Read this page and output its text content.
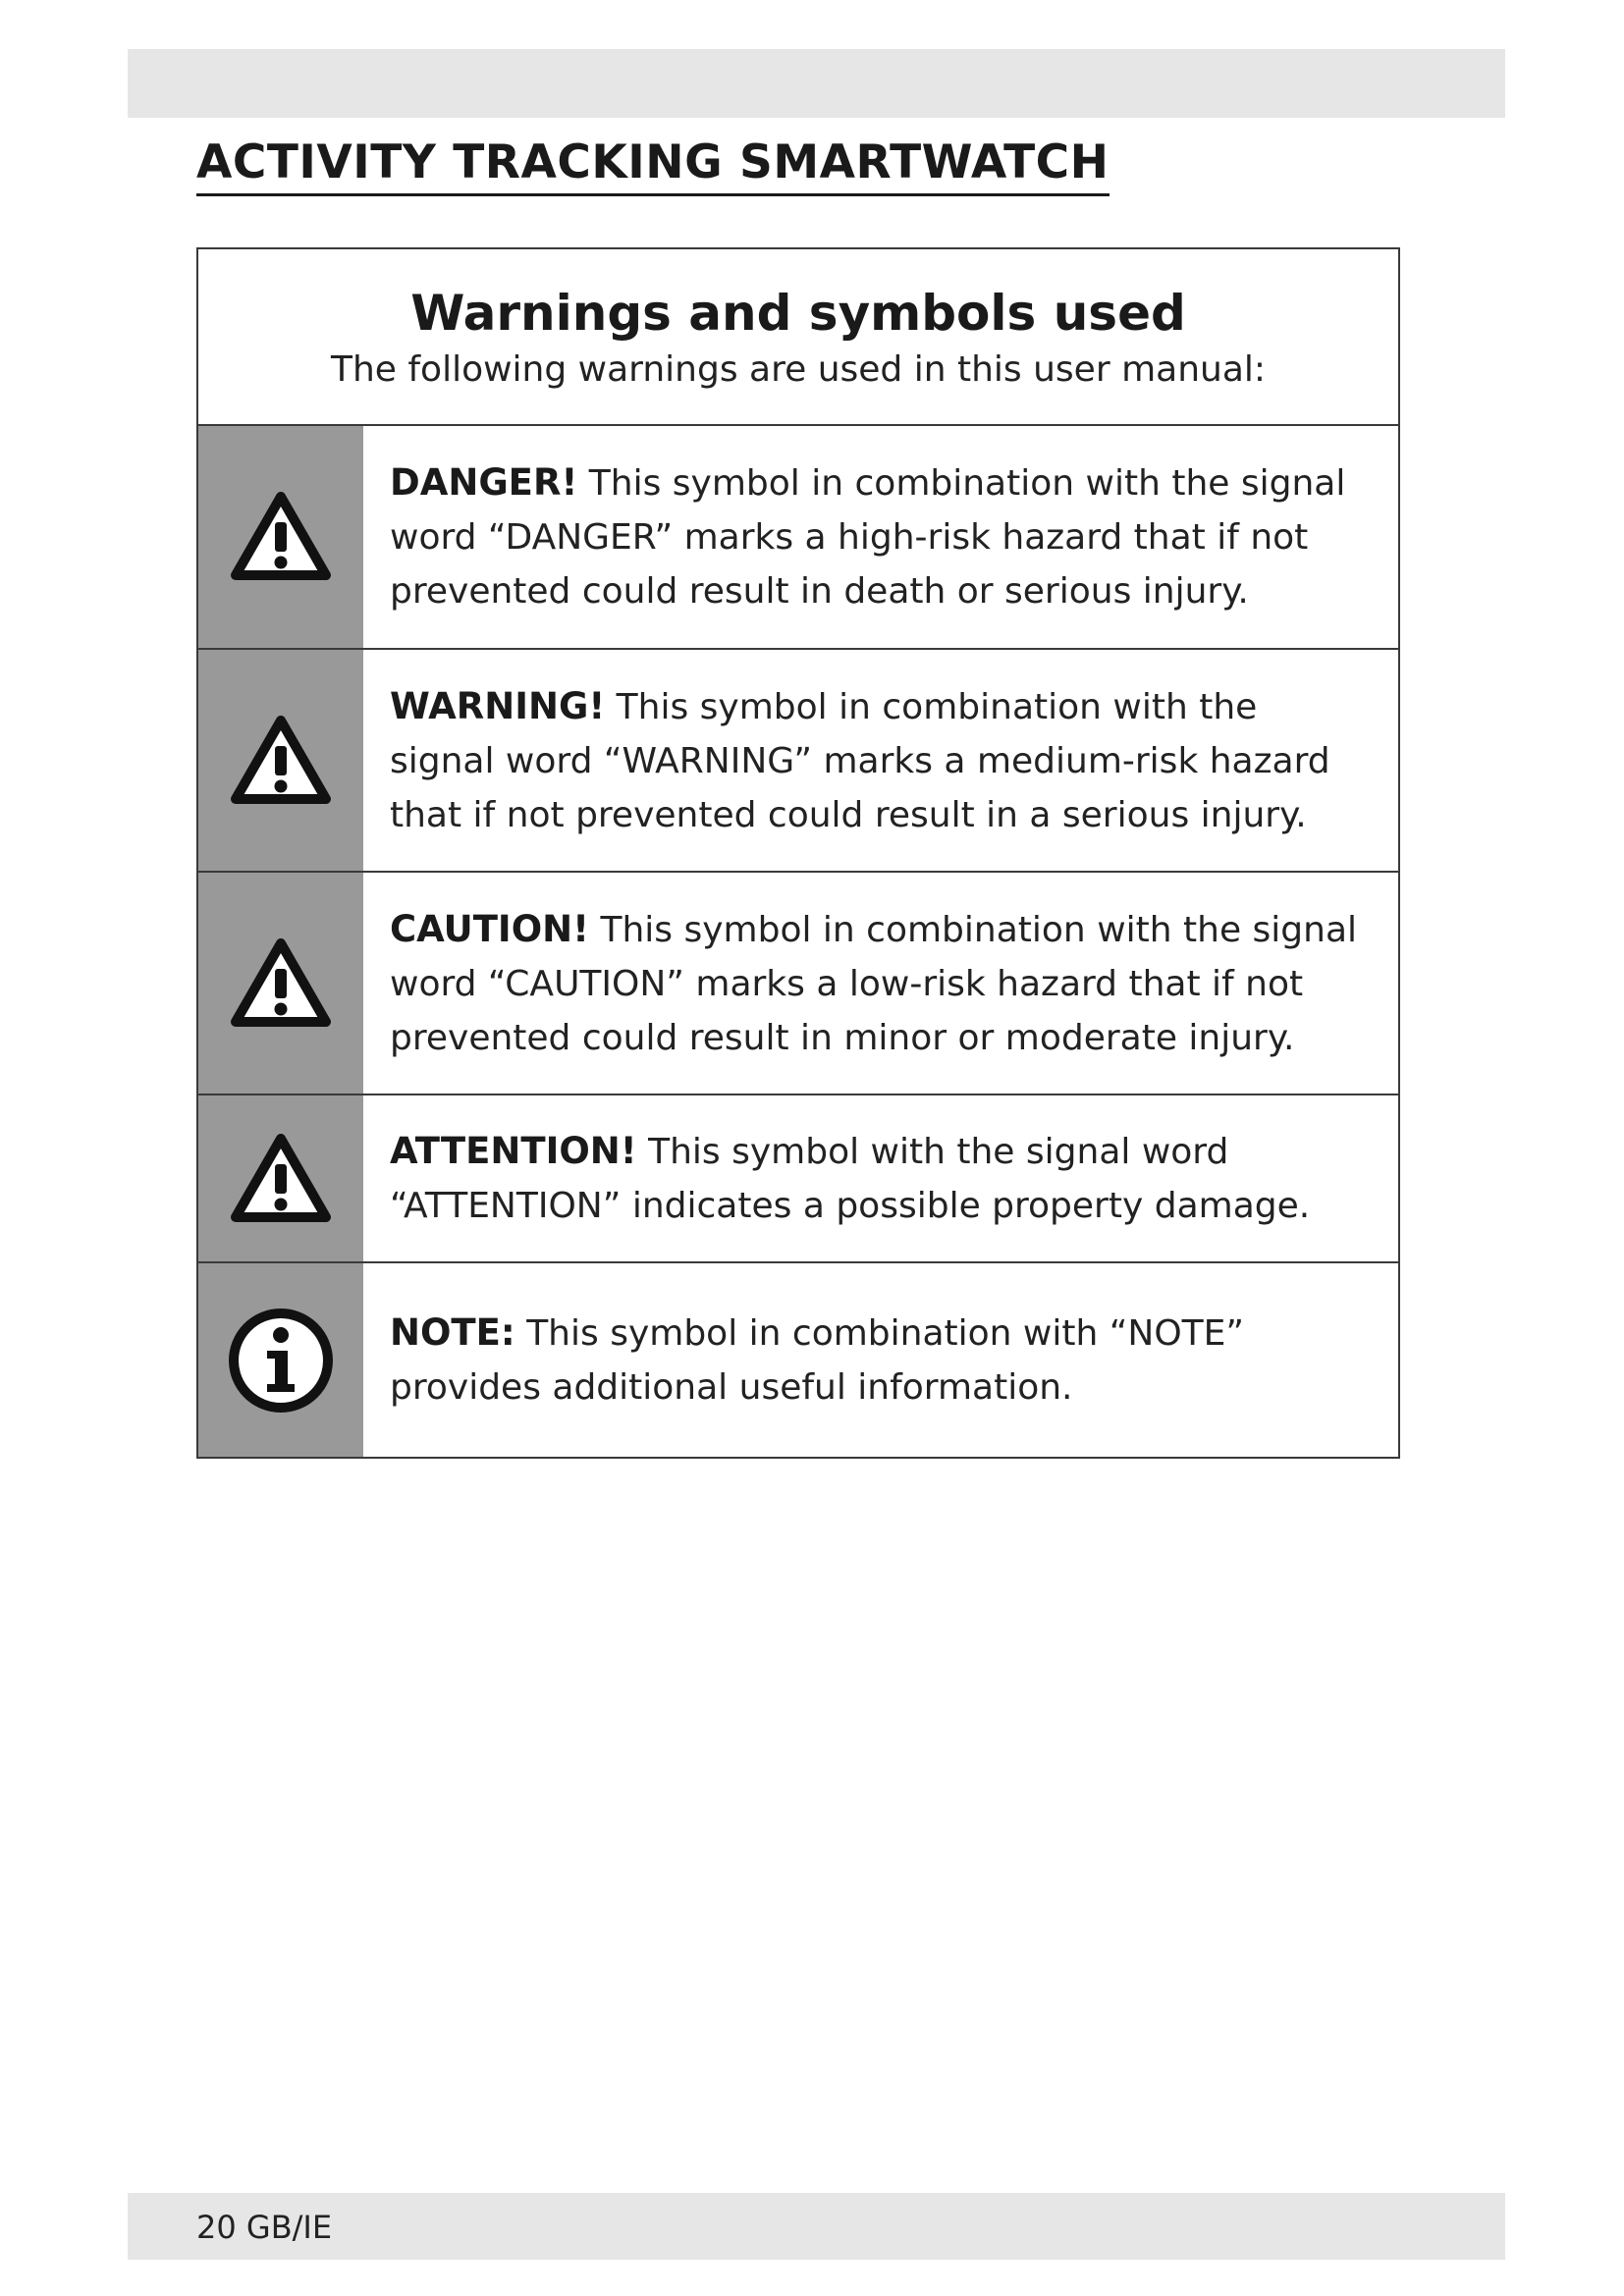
ACTIVITY TRACKING SMARTWATCH
Warnings and symbols used

The following warnings are used in this user manual:

DANGER! This symbol in combination with the signal word “DANGER” marks a high-risk hazard that if not prevented could result in death or serious injury.

WARNING! This symbol in combination with the signal word “WARNING” marks a medium-risk hazard that if not prevented could result in a serious injury.

CAUTION! This symbol in combination with the signal word “CAUTION” marks a low-risk hazard that if not prevented could result in minor or moderate injury.

ATTENTION! This symbol with the signal word “ATTENTION” indicates a possible property damage.

NOTE: This symbol in combination with “NOTE” provides additional useful information.

20 GB/IE
